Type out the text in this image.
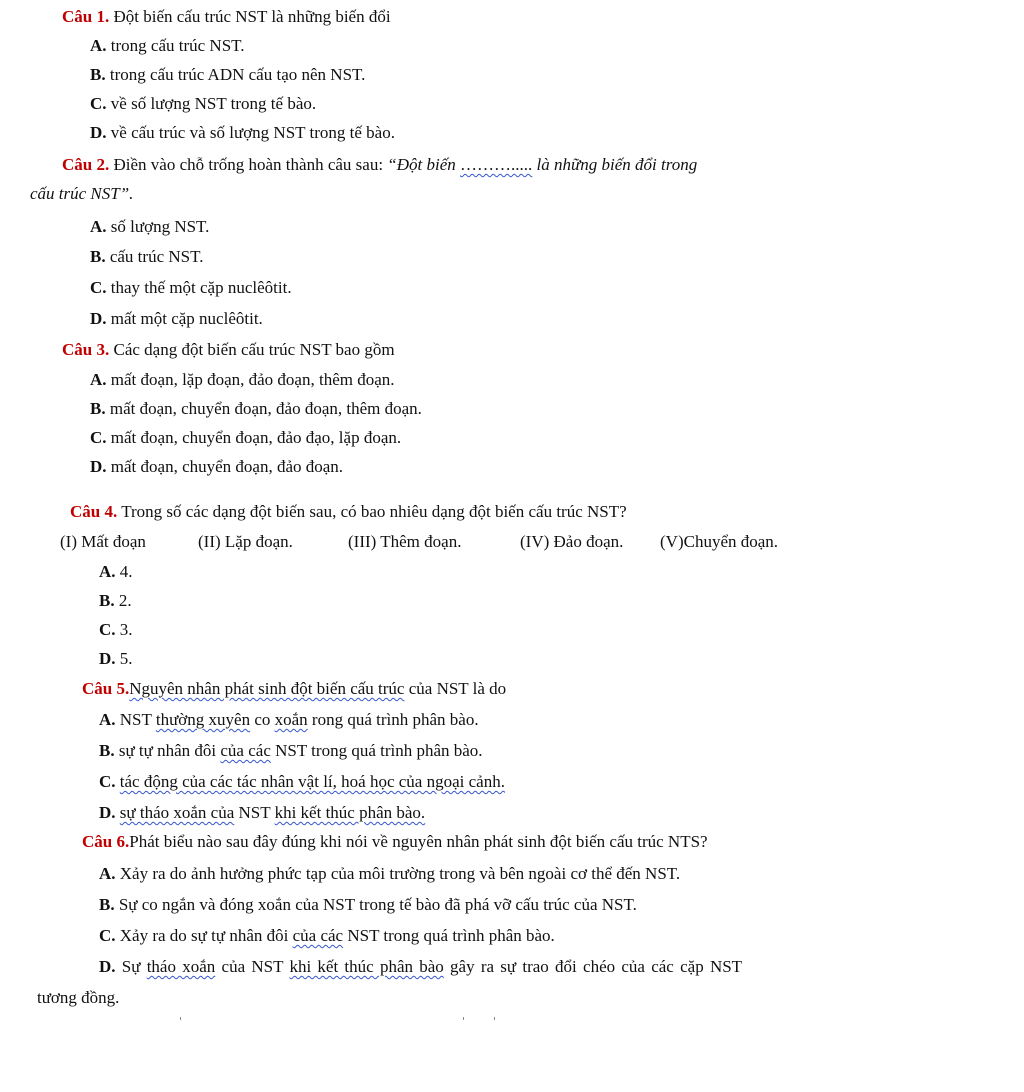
Câu 1. Đột biến cấu trúc NST là những biến đổi
A. trong cấu trúc NST.
B. trong cấu trúc ADN cấu tạo nên NST.
C. về số lượng NST trong tế bào.
D. về cấu trúc và số lượng NST trong tế bào.
Câu 2. Điền vào chỗ trống hoàn thành câu sau: “Đột biến ………..... là những biến đổi trong
cấu trúc NST”.
A. số lượng NST.
B. cấu trúc NST.
C. thay thế một cặp nuclêôtit.
D. mất một cặp nuclêôtit.
Câu 3. Các dạng đột biến cấu trúc NST bao gồm
A. mất đoạn, lặp đoạn, đảo đoạn, thêm đoạn.
B. mất đoạn, chuyển đoạn, đảo đoạn, thêm đoạn.
C. mất đoạn, chuyển đoạn, đảo đạo, lặp đoạn.
D. mất đoạn, chuyển đoạn, đảo đoạn.
Câu 4. Trong số các dạng đột biến sau, có bao nhiêu dạng đột biến cấu trúc NST?
(I) Mất đoạn	(II) Lặp đoạn.	(III) Thêm đoạn.	(IV) Đảo đoạn. (V)Chuyển đoạn.
A. 4.
B. 2.
C. 3.
D. 5.
Câu 5.Nguyên nhân phát sinh đột biến cấu trúc của NST là do
A. NST thường xuyên co xoắn rong quá trình phân bào.
B. sự tự nhân đôi của các NST trong quá trình phân bào.
C. tác động của các tác nhân vật lí, hoá học của ngoại cảnh.
D. sự tháo xoắn của NST khi kết thúc phân bào.
Câu 6.Phát biểu nào sau đây đúng khi nói về nguyên nhân phát sinh đột biến cấu trúc NTS?
A. Xảy ra do ảnh hưởng phức tạp của môi trường trong và bên ngoài cơ thể đến NST.
B. Sự co ngắn và đóng xoắn của NST trong tế bào đã phá vỡ cấu trúc của NST.
C. Xảy ra do sự tự nhân đôi của các NST trong quá trình phân bào.
D. Sự tháo xoắn của NST khi kết thúc phân bào gây ra sự trao đổi chéo của các cặp NST
tương đồng.
